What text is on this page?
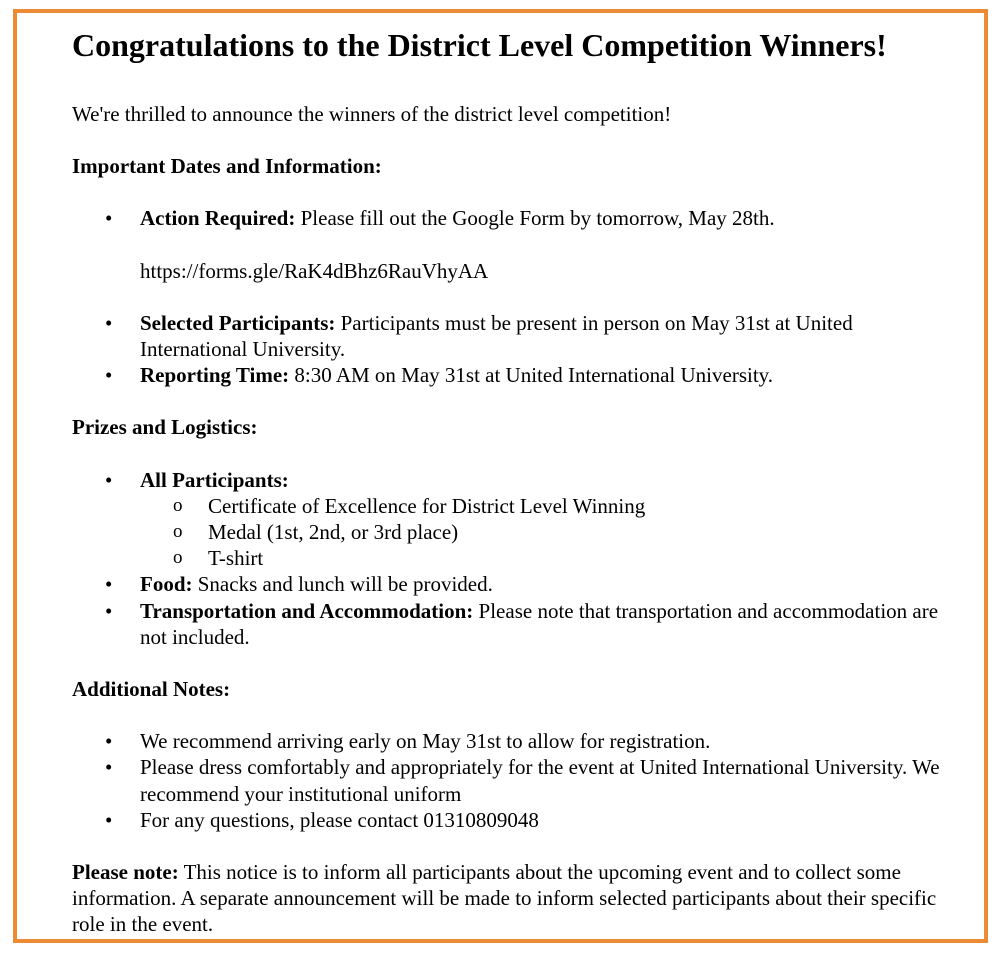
Congratulations to the District Level Competition Winners!

We're thrilled to announce the winners of the district level competition!

Important Dates and Information:

• Action Required: Please fill out the Google Form by tomorrow, May 28th.
https://forms.gle/RaK4dBhz6RauVhyAA
• Selected Participants: Participants must be present in person on May 31st at United International University.
• Reporting Time: 8:30 AM on May 31st at United International University.

Prizes and Logistics:

• All Participants:
o Certificate of Excellence for District Level Winning
o Medal (1st, 2nd, or 3rd place)
o T-shirt
• Food: Snacks and lunch will be provided.
• Transportation and Accommodation: Please note that transportation and accommodation are not included.

Additional Notes:

• We recommend arriving early on May 31st to allow for registration.
• Please dress comfortably and appropriately for the event at United International University. We recommend your institutional uniform
• For any questions, please contact 01310809048

Please note: This notice is to inform all participants about the upcoming event and to collect some information. A separate announcement will be made to inform selected participants about their specific role in the event.
